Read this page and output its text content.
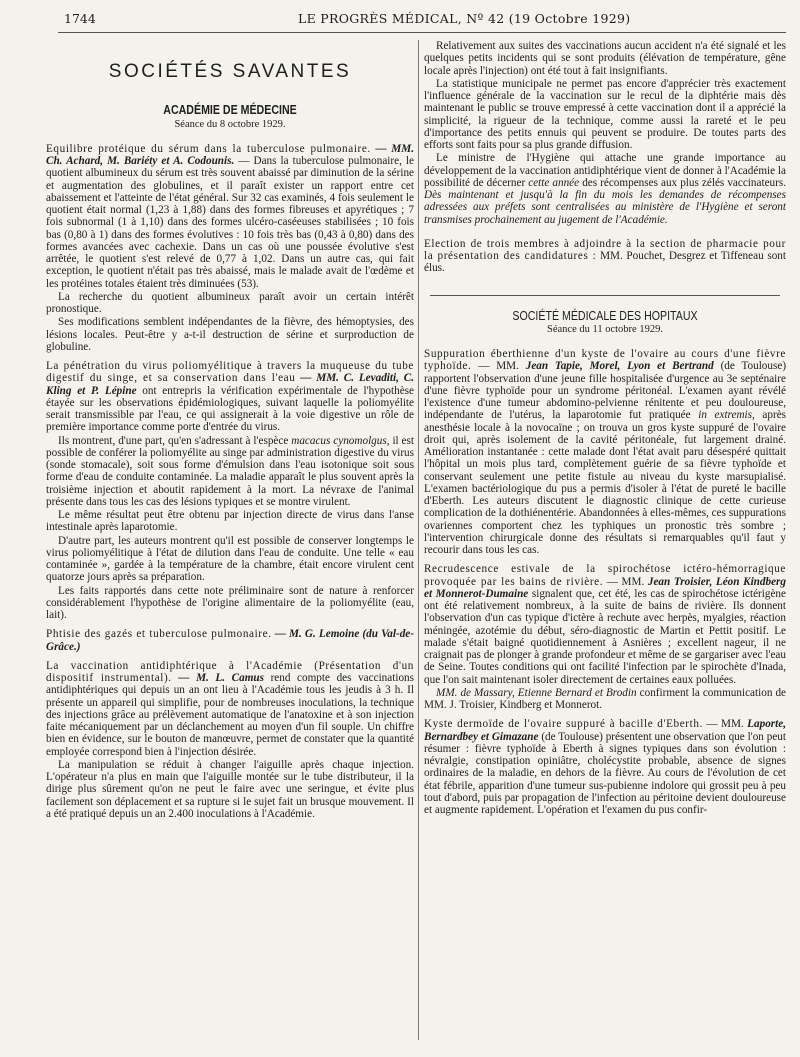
1744	LE PROGRÈS MÉDICAL, Nº 42 (19 Octobre 1929)
SOCIÉTÉS SAVANTES
ACADÉMIE DE MÉDECINE
Séance du 8 octobre 1929.

Equilibre protéique du sérum dans la tuberculose pulmonaire. — MM. Ch. Achard, M. Bariéty et A. Codounis. — Dans la tuberculose pulmonaire, le quotient albumineux du sérum est très souvent abaissé par diminution de la sérine et augmentation des globulines, et il paraît exister un rapport entre cet abaissement et l'atteinte de l'état général. Sur 32 cas examinés, 4 fois seulement le quotient était normal (1,23 à 1,88) dans des formes fibreuses et apyrétiques ; 7 fois subnormal (1 à 1,10) dans des formes ulcéro-caséeuses stabilisées ; 10 fois bas (0,80 à 1) dans des formes évolutives : 10 fois très bas (0,43 à 0,80) dans des formes avancées avec cachexie. Dans un cas où une poussée évolutive s'est arrêtée, le quotient s'est relevé de 0,77 à 1,02. Dans un autre cas, qui fait exception, le quotient n'était pas très abaissé, mais le malade avait de l'œdème et les protéines totales étaient très diminuées (53).

La recherche du quotient albumineux paraît avoir un certain intérêt pronostique.

Ses modifications semblent indépendantes de la fièvre, des hémoptysies, des lésions locales. Peut-être y a-t-il destruction de sérine et surproduction de globuline.

La pénétration du virus poliomyélitique à travers la muqueuse du tube digestif du singe, et sa conservation dans l'eau — MM. C. Levaditi, C. Kling et P. Lépine ont entrepris la vérification expérimentale de l'hypothèse étayée sur les observations épidémiologiques, suivant laquelle la poliomyélite serait transmissible par l'eau, ce qui assignerait à la voie digestive un rôle de première importance comme porte d'entrée du virus.

Ils montrent, d'une part, qu'en s'adressant à l'espèce macacus cynomolgus, il est possible de conférer la poliomyélite au singe par administration digestive du virus (sonde stomacale), soit sous forme d'émulsion dans l'eau isotonique soit sous forme d'eau de conduite contaminée. La maladie apparaît le plus souvent après la troisième injection et aboutit rapidement à la mort. La névraxe de l'animal présente dans tous les cas des lésions typiques et se montre virulent.

Le même résultat peut être obtenu par injection directe de virus dans l'anse intestinale après laparotomie.

D'autre part, les auteurs montrent qu'il est possible de conserver longtemps le virus poliomyélitique à l'état de dilution dans l'eau de conduite. Une telle « eau contaminée », gardée à la température de la chambre, était encore virulent cent quatorze jours après sa préparation.

Les faits rapportés dans cette note préliminaire sont de nature à renforcer considérablement l'hypothèse de l'origine alimentaire de la poliomyélite (eau, lait).

Phtisie des gazés et tuberculose pulmonaire. — M. G. Lemoine (du Val-de-Grâce.)

La vaccination antidiphtérique à l'Académie (Présentation d'un dispositif instrumental). — M. L. Camus rend compte des vaccinations antidiphtériques qui depuis un an ont lieu à l'Académie tous les jeudis à 3 h. Il présente un appareil qui simplifie, pour de nombreuses inoculations, la technique des injections grâce au prélèvement automatique de l'anatoxine et à son injection faite mécaniquement par un déclanchement au moyen d'un fil souple. Un chiffre bien en évidence, sur le bouton de manœuvre, permet de constater que la quantité employée correspond bien à l'injection désirée.

La manipulation se réduit à changer l'aiguille après chaque injection. L'opérateur n'a plus en main que l'aiguille montée sur le tube distributeur, il la dirige plus sûrement qu'on ne peut le faire avec une seringue, et évite plus facilement son déplacement et sa rupture si le sujet fait un brusque mouvement. Il a été pratiqué depuis un an 2.400 inoculations à l'Académie.

Relativement aux suites des vaccinations aucun accident n'a été signalé et les quelques petits incidents qui se sont produits (élévation de température, gêne locale après l'injection) ont été tout à fait insignifiants.

La statistique municipale ne permet pas encore d'apprécier très exactement l'influence générale de la vaccination sur le recul de la diphtérie mais dès maintenant le public se trouve empressé à cette vaccination dont il a apprécié la simplicité, la rigueur de la technique, comme aussi la rareté et le peu d'importance des petits ennuis qui peuvent se produire. De toutes parts des efforts sont faits pour sa plus grande diffusion.

Le ministre de l'Hygiène qui attache une grande importance au développement de la vaccination antidiphtérique vient de donner à l'Académie la possibilité de décerner cette année des récompenses aux plus zélés vaccinateurs. Dès maintenant et jusqu'à la fin du mois les demandes de récompenses adressées aux préfets sont centralisées au ministère de l'Hygiène et seront transmises prochainement au jugement de l'Académie.

Election de trois membres à adjoindre à la section de pharmacie pour la présentation des candidatures : MM. Pouchet, Desgrez et Tiffeneau sont élus.

SOCIÉTÉ MÉDICALE DES HOPITAUX
Séance du 11 octobre 1929.

Suppuration éberthienne d'un kyste de l'ovaire au cours d'une fièvre typhoïde. — MM. Jean Tapie, Morel, Lyon et Bertrand (de Toulouse) rapportent l'observation d'une jeune fille hospitalisée d'urgence au 3e septénaire d'une fièvre typhoïde pour un syndrome péritonéal. L'examen ayant révélé l'existence d'une tumeur abdomino-pelvienne rénitente et peu douloureuse, indépendante de l'utérus, la laparotomie fut pratiquée in extremis, après anesthésie locale à la novocaïne ; on trouva un gros kyste suppuré de l'ovaire droit qui, après isolement de la cavité péritonéale, fut largement drainé. Amélioration instantanée : cette malade dont l'état avait paru désespéré quittait l'hôpital un mois plus tard, complètement guérie de sa fièvre typhoïde et conservant seulement une petite fistule au niveau du kyste marsupialisé. L'examen bactériologique du pus a permis d'isoler à l'état de pureté le bacille d'Eberth. Les auteurs discutent le diagnostic clinique de cette curieuse complication de la dothiénentérie. Abandonnées à elles-mêmes, ces suppurations ovariennes comportent chez les typhiques un pronostic très sombre ; l'intervention chirurgicale donne des résultats si remarquables qu'il faut y recourir dans tous les cas.

Recrudescence estivale de la spirochétose ictéro-hémorragique provoquée par les bains de rivière. — MM. Jean Troisier, Léon Kindberg et Monnerot-Dumaine signalent que, cet été, les cas de spirochétose ictérigène ont été relativement nombreux, à la suite de bains de rivière. Ils donnent l'observation d'un cas typique d'ictère à rechute avec herpès, myalgies, réaction méningée, azotémie du début, séro-diagnostic de Martin et Pettit positif. Le malade s'était baigné quotidiennement à Asnières ; excellent nageur, il ne craignait pas de plonger à grande profondeur et même de se gargariser avec l'eau de Seine. Toutes conditions qui ont facilité l'infection par le spirochète d'Inada, que l'on sait maintenant isoler directement de certaines eaux polluées.

MM. de Massary, Etienne Bernard et Brodin confirment la communication de MM. J. Troisier, Kindberg et Monnerot.

Kyste dermoïde de l'ovaire suppuré à bacille d'Eberth. — MM. Laporte, Bernardbey et Gimazane (de Toulouse) présentent une observation que l'on peut résumer : fièvre typhoïde à Eberth à signes typiques dans son évolution : névralgie, constipation opiniâtre, cholécystite probable, absence de signes ordinaires de la maladie, en dehors de la fièvre. Au cours de l'évolution de cet état fébrile, apparition d'une tumeur sus-pubienne indolore qui grossit peu à peu tout d'abord, puis par propagation de l'infection au péritoine devient douloureuse et augmente rapidement. L'opération et l'examen du pus confir-
